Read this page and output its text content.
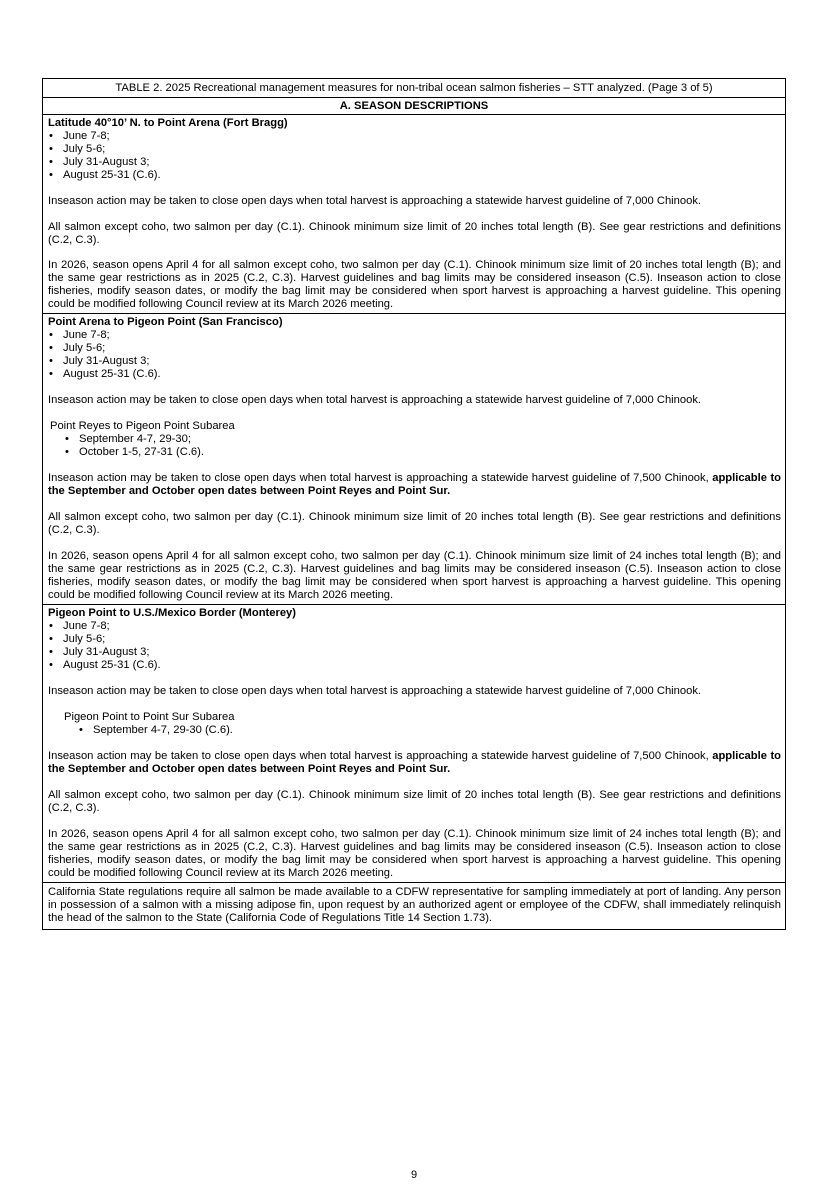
TABLE 2. 2025 Recreational management measures for non-tribal ocean salmon fisheries – STT analyzed. (Page 3 of 5)
A. SEASON DESCRIPTIONS
Latitude 40°10’ N. to Point Arena (Fort Bragg)
• June 7-8;
• July 5-6;
• July 31-August 3;
• August 25-31 (C.6).

Inseason action may be taken to close open days when total harvest is approaching a statewide harvest guideline of 7,000 Chinook.

All salmon except coho, two salmon per day (C.1). Chinook minimum size limit of 20 inches total length (B). See gear restrictions and definitions (C.2, C.3).

In 2026, season opens April 4 for all salmon except coho, two salmon per day (C.1). Chinook minimum size limit of 20 inches total length (B); and the same gear restrictions as in 2025 (C.2, C.3). Harvest guidelines and bag limits may be considered inseason (C.5). Inseason action to close fisheries, modify season dates, or modify the bag limit may be considered when sport harvest is approaching a harvest guideline. This opening could be modified following Council review at its March 2026 meeting.

Point Arena to Pigeon Point (San Francisco)
• June 7-8;
• July 5-6;
• July 31-August 3;
• August 25-31 (C.6).

Inseason action may be taken to close open days when total harvest is approaching a statewide harvest guideline of 7,000 Chinook.

Point Reyes to Pigeon Point Subarea
• September 4-7, 29-30;
• October 1-5, 27-31 (C.6).

Inseason action may be taken to close open days when total harvest is approaching a statewide harvest guideline of 7,500 Chinook, applicable to the September and October open dates between Point Reyes and Point Sur.

All salmon except coho, two salmon per day (C.1). Chinook minimum size limit of 20 inches total length (B). See gear restrictions and definitions (C.2, C.3).

In 2026, season opens April 4 for all salmon except coho, two salmon per day (C.1). Chinook minimum size limit of 24 inches total length (B); and the same gear restrictions as in 2025 (C.2, C.3). Harvest guidelines and bag limits may be considered inseason (C.5). Inseason action to close fisheries, modify season dates, or modify the bag limit may be considered when sport harvest is approaching a harvest guideline. This opening could be modified following Council review at its March 2026 meeting.

Pigeon Point to U.S./Mexico Border (Monterey)
• June 7-8;
• July 5-6;
• July 31-August 3;
• August 25-31 (C.6).

Inseason action may be taken to close open days when total harvest is approaching a statewide harvest guideline of 7,000 Chinook.

Pigeon Point to Point Sur Subarea
• September 4-7, 29-30 (C.6).

Inseason action may be taken to close open days when total harvest is approaching a statewide harvest guideline of 7,500 Chinook, applicable to the September and October open dates between Point Reyes and Point Sur.

All salmon except coho, two salmon per day (C.1). Chinook minimum size limit of 20 inches total length (B). See gear restrictions and definitions (C.2, C.3).

In 2026, season opens April 4 for all salmon except coho, two salmon per day (C.1). Chinook minimum size limit of 24 inches total length (B); and the same gear restrictions as in 2025 (C.2, C.3). Harvest guidelines and bag limits may be considered inseason (C.5). Inseason action to close fisheries, modify season dates, or modify the bag limit may be considered when sport harvest is approaching a harvest guideline. This opening could be modified following Council review at its March 2026 meeting.

California State regulations require all salmon be made available to a CDFW representative for sampling immediately at port of landing. Any person in possession of a salmon with a missing adipose fin, upon request by an authorized agent or employee of the CDFW, shall immediately relinquish the head of the salmon to the State (California Code of Regulations Title 14 Section 1.73).
9
